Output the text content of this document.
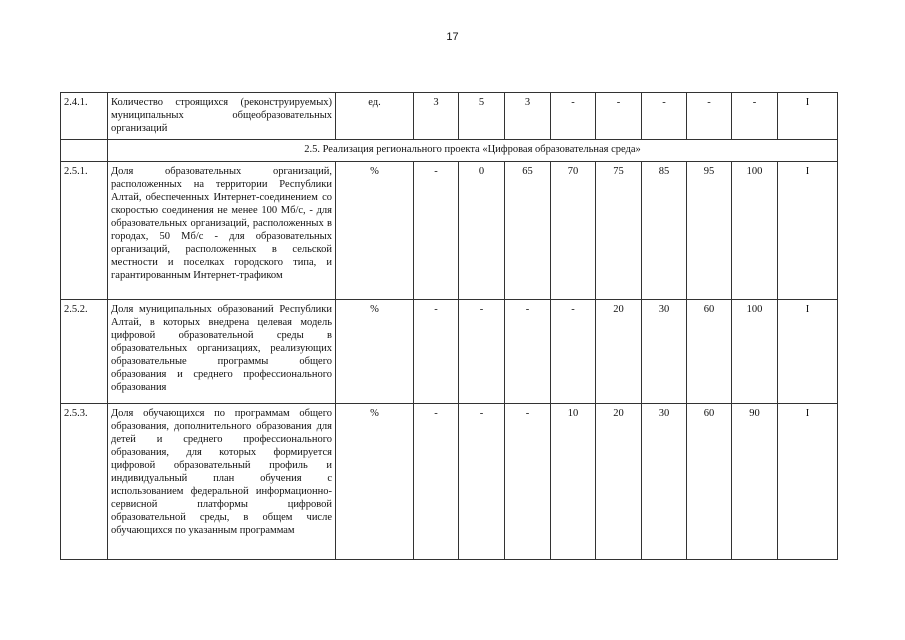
17
2.4.1.	Количество строящихся (реконструируемых) муниципальных общеобразовательных организаций	ед.	3	5	3	-	-	-	-	-	I
	2.5. Реализация регионального проекта «Цифровая образовательная среда»										
2.5.1.	Доля образовательных организаций, расположенных на территории Республики Алтай, обеспеченных Интернет-соединением со скоростью соединения не менее 100 Мб/с, - для образовательных организаций, расположенных в городах, 50 Мб/с - для образовательных организаций, расположенных в сельской местности и поселках городского типа, и гарантированным Интернет-трафиком	%	-	0	65	70	75	85	95	100	I
2.5.2.	Доля муниципальных образований Республики Алтай, в которых внедрена целевая модель цифровой образовательной среды в образовательных организациях, реализующих образовательные программы общего образования и среднего профессионального образования	%	-	-	-	-	20	30	60	100	I
2.5.3.	Доля обучающихся по программам общего образования, дополнительного образования для детей и среднего профессионального образования, для которых формируется цифровой образовательный профиль и индивидуальный план обучения с использованием федеральной информационно-сервисной платформы цифровой образовательной среды, в общем числе обучающихся по указанным программам	%	-	-	-	10	20	30	60	90	I
